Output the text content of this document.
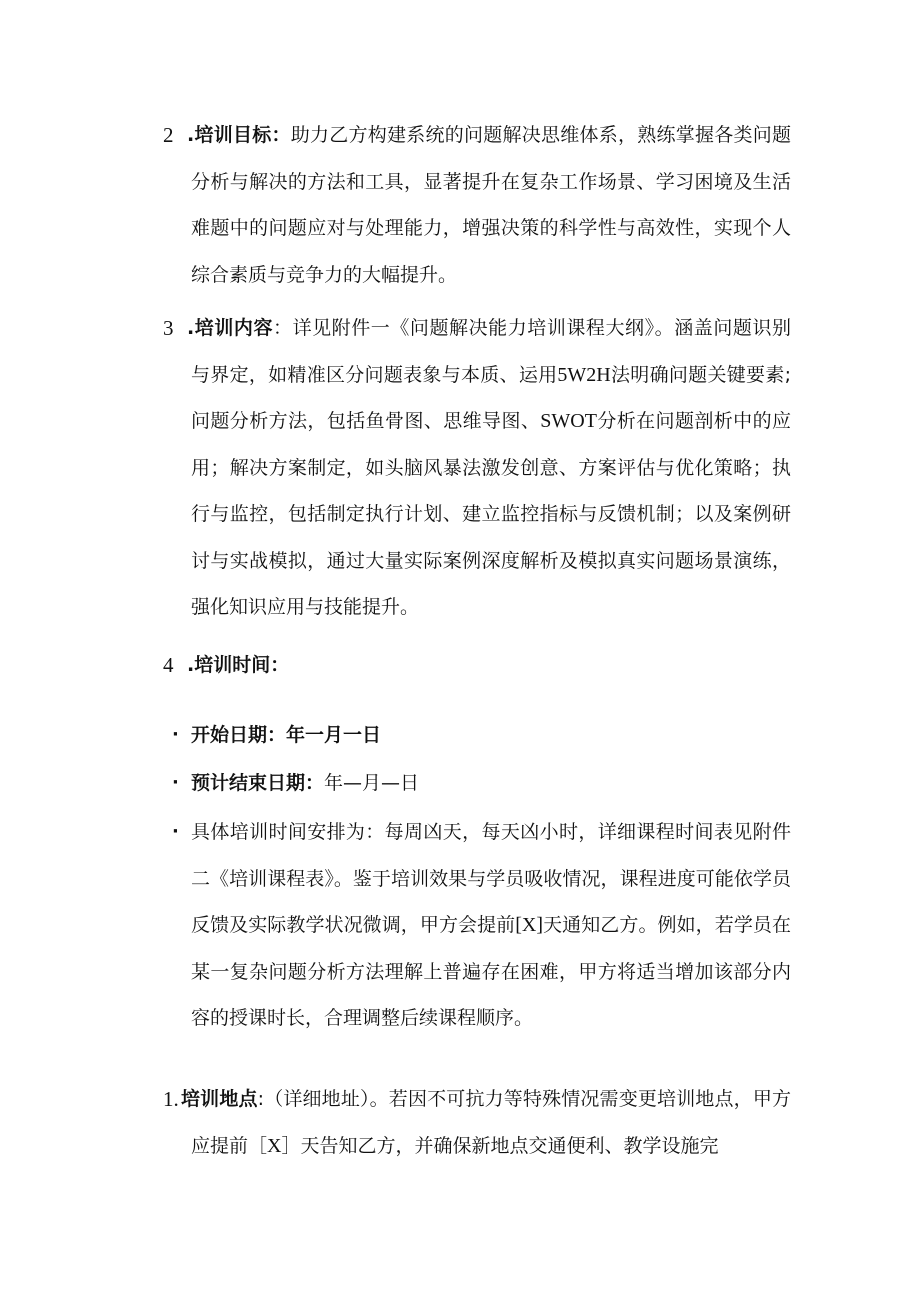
2 .培训目标：助力乙方构建系统的问题解决思维体系，熟练掌握各类问题分析与解决的方法和工具，显著提升在复杂工作场景、学习困境及生活难题中的问题应对与处理能力，增强决策的科学性与高效性，实现个人综合素质与竞争力的大幅提升。
3 .培训内容：详见附件一《问题解决能力培训课程大纲》。涵盖问题识别与界定，如精准区分问题表象与本质、运用5W2H法明确问题关键要素;问题分析方法，包括鱼骨图、思维导图、SWOT分析在问题剖析中的应用；解决方案制定，如头脑风暴法激发创意、方案评估与优化策略；执行与监控，包括制定执行计划、建立监控指标与反馈机制；以及案例研讨与实战模拟，通过大量实际案例深度解析及模拟真实问题场景演练，强化知识应用与技能提升。
4 .培训时间：
· 开始日期：年一月一日
· 预计结束日期：年—月—日
· 具体培训时间安排为：每周凶天，每天凶小时，详细课程时间表见附件二《培训课程表》。鉴于培训效果与学员吸收情况，课程进度可能依学员反馈及实际教学状况微调，甲方会提前[X]天通知乙方。例如，若学员在某一复杂问题分析方法理解上普遍存在困难，甲方将适当增加该部分内容的授课时长，合理调整后续课程顺序。
1. 培训地点:（详细地址）。若因不可抗力等特殊情况需变更培训地点，甲方应提前［X］天告知乙方，并确保新地点交通便利、教学设施完
